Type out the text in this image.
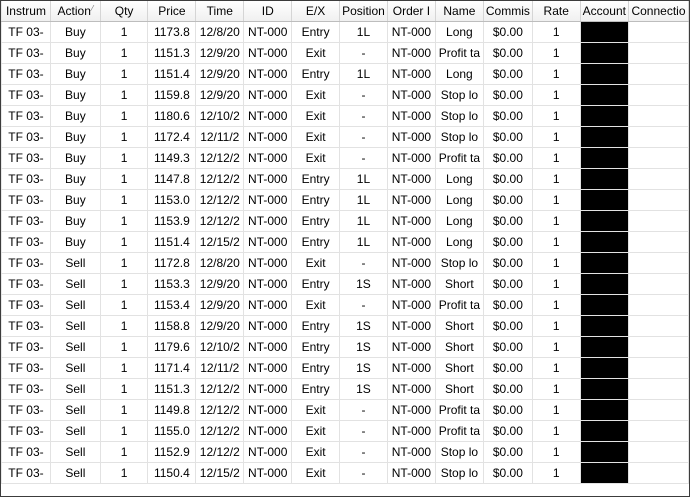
Instrum	Action⁄	Qty	Price	Time	ID	E/X	Position	Order I	Name	Commis	Rate	Account	Connectio
TF 03-	Buy	1	1173.8	12/8/20	NT-000	Entry	1L	NT-000	Long	$0.00	1		
TF 03-	Buy	1	1151.3	12/9/20	NT-000	Exit	-	NT-000	Profit ta	$0.00	1		
TF 03-	Buy	1	1151.4	12/9/20	NT-000	Entry	1L	NT-000	Long	$0.00	1		
TF 03-	Buy	1	1159.8	12/9/20	NT-000	Exit	-	NT-000	Stop lo	$0.00	1		
TF 03-	Buy	1	1180.6	12/10/2	NT-000	Exit	-	NT-000	Stop lo	$0.00	1		
TF 03-	Buy	1	1172.4	12/11/2	NT-000	Exit	-	NT-000	Stop lo	$0.00	1		
TF 03-	Buy	1	1149.3	12/12/2	NT-000	Exit	-	NT-000	Profit ta	$0.00	1		
TF 03-	Buy	1	1147.8	12/12/2	NT-000	Entry	1L	NT-000	Long	$0.00	1		
TF 03-	Buy	1	1153.0	12/12/2	NT-000	Entry	1L	NT-000	Long	$0.00	1		
TF 03-	Buy	1	1153.9	12/12/2	NT-000	Entry	1L	NT-000	Long	$0.00	1		
TF 03-	Buy	1	1151.4	12/15/2	NT-000	Entry	1L	NT-000	Long	$0.00	1		
TF 03-	Sell	1	1172.8	12/8/20	NT-000	Exit	-	NT-000	Stop lo	$0.00	1		
TF 03-	Sell	1	1153.3	12/9/20	NT-000	Entry	1S	NT-000	Short	$0.00	1		
TF 03-	Sell	1	1153.4	12/9/20	NT-000	Exit	-	NT-000	Profit ta	$0.00	1		
TF 03-	Sell	1	1158.8	12/9/20	NT-000	Entry	1S	NT-000	Short	$0.00	1		
TF 03-	Sell	1	1179.6	12/10/2	NT-000	Entry	1S	NT-000	Short	$0.00	1		
TF 03-	Sell	1	1171.4	12/11/2	NT-000	Entry	1S	NT-000	Short	$0.00	1		
TF 03-	Sell	1	1151.3	12/12/2	NT-000	Entry	1S	NT-000	Short	$0.00	1		
TF 03-	Sell	1	1149.8	12/12/2	NT-000	Exit	-	NT-000	Profit ta	$0.00	1		
TF 03-	Sell	1	1155.0	12/12/2	NT-000	Exit	-	NT-000	Profit ta	$0.00	1		
TF 03-	Sell	1	1152.9	12/12/2	NT-000	Exit	-	NT-000	Stop lo	$0.00	1		
TF 03-	Sell	1	1150.4	12/15/2	NT-000	Exit	-	NT-000	Stop lo	$0.00	1		
